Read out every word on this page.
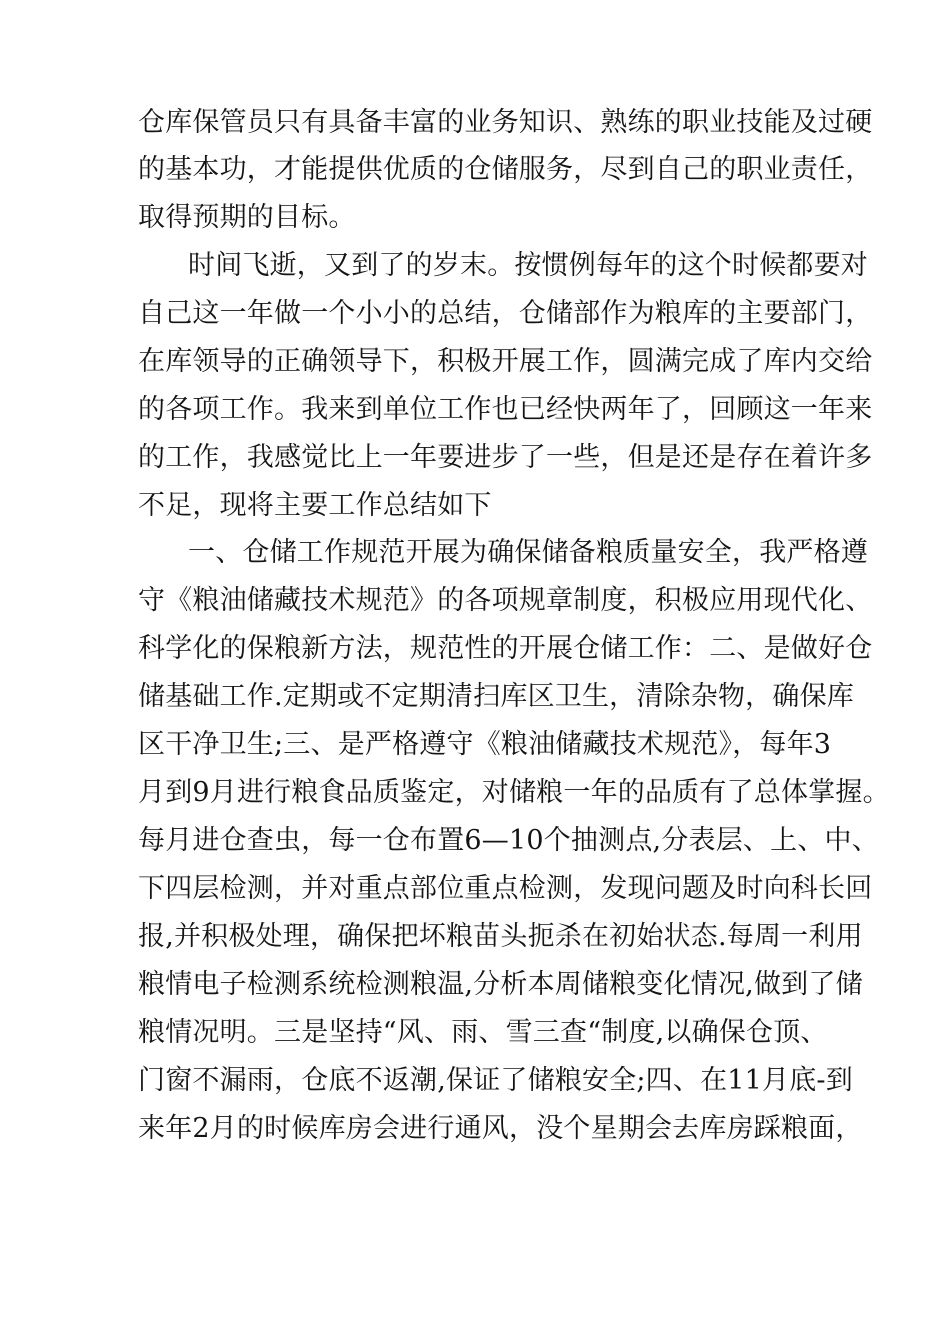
仓库保管员只有具备丰富的业务知识、熟练的职业技能及过硬
的基本功，才能提供优质的仓储服务，尽到自己的职业责任，
取得预期的目标。
时间飞逝，又到了的岁末。按惯例每年的这个时候都要对
自己这一年做一个小小的总结，仓储部作为粮库的主要部门，
在库领导的正确领导下，积极开展工作，圆满完成了库内交给
的各项工作。我来到单位工作也已经快两年了，回顾这一年来
的工作，我感觉比上一年要进步了一些，但是还是存在着许多
不足，现将主要工作总结如下
一、仓储工作规范开展为确保储备粮质量安全，我严格遵
守《粮油储藏技术规范》的各项规章制度，积极应用现代化、
科学化的保粮新方法，规范性的开展仓储工作：二、是做好仓
储基础工作.定期或不定期清扫库区卫生，清除杂物，确保库
区干净卫生;三、是严格遵守《粮油储藏技术规范》，每年3
月到9月进行粮食品质鉴定，对储粮一年的品质有了总体掌握。
每月进仓查虫，每一仓布置6—10个抽测点,分表层、上、中、
下四层检测，并对重点部位重点检测，发现问题及时向科长回
报,并积极处理，确保把坏粮苗头扼杀在初始状态.每周一利用
粮情电子检测系统检测粮温,分析本周储粮变化情况,做到了储
粮情况明。三是坚持“风、雨、雪三查“制度,以确保仓顶、
门窗不漏雨，仓底不返潮,保证了储粮安全;四、在11月底-到
来年2月的时候库房会进行通风，没个星期会去库房踩粮面，
